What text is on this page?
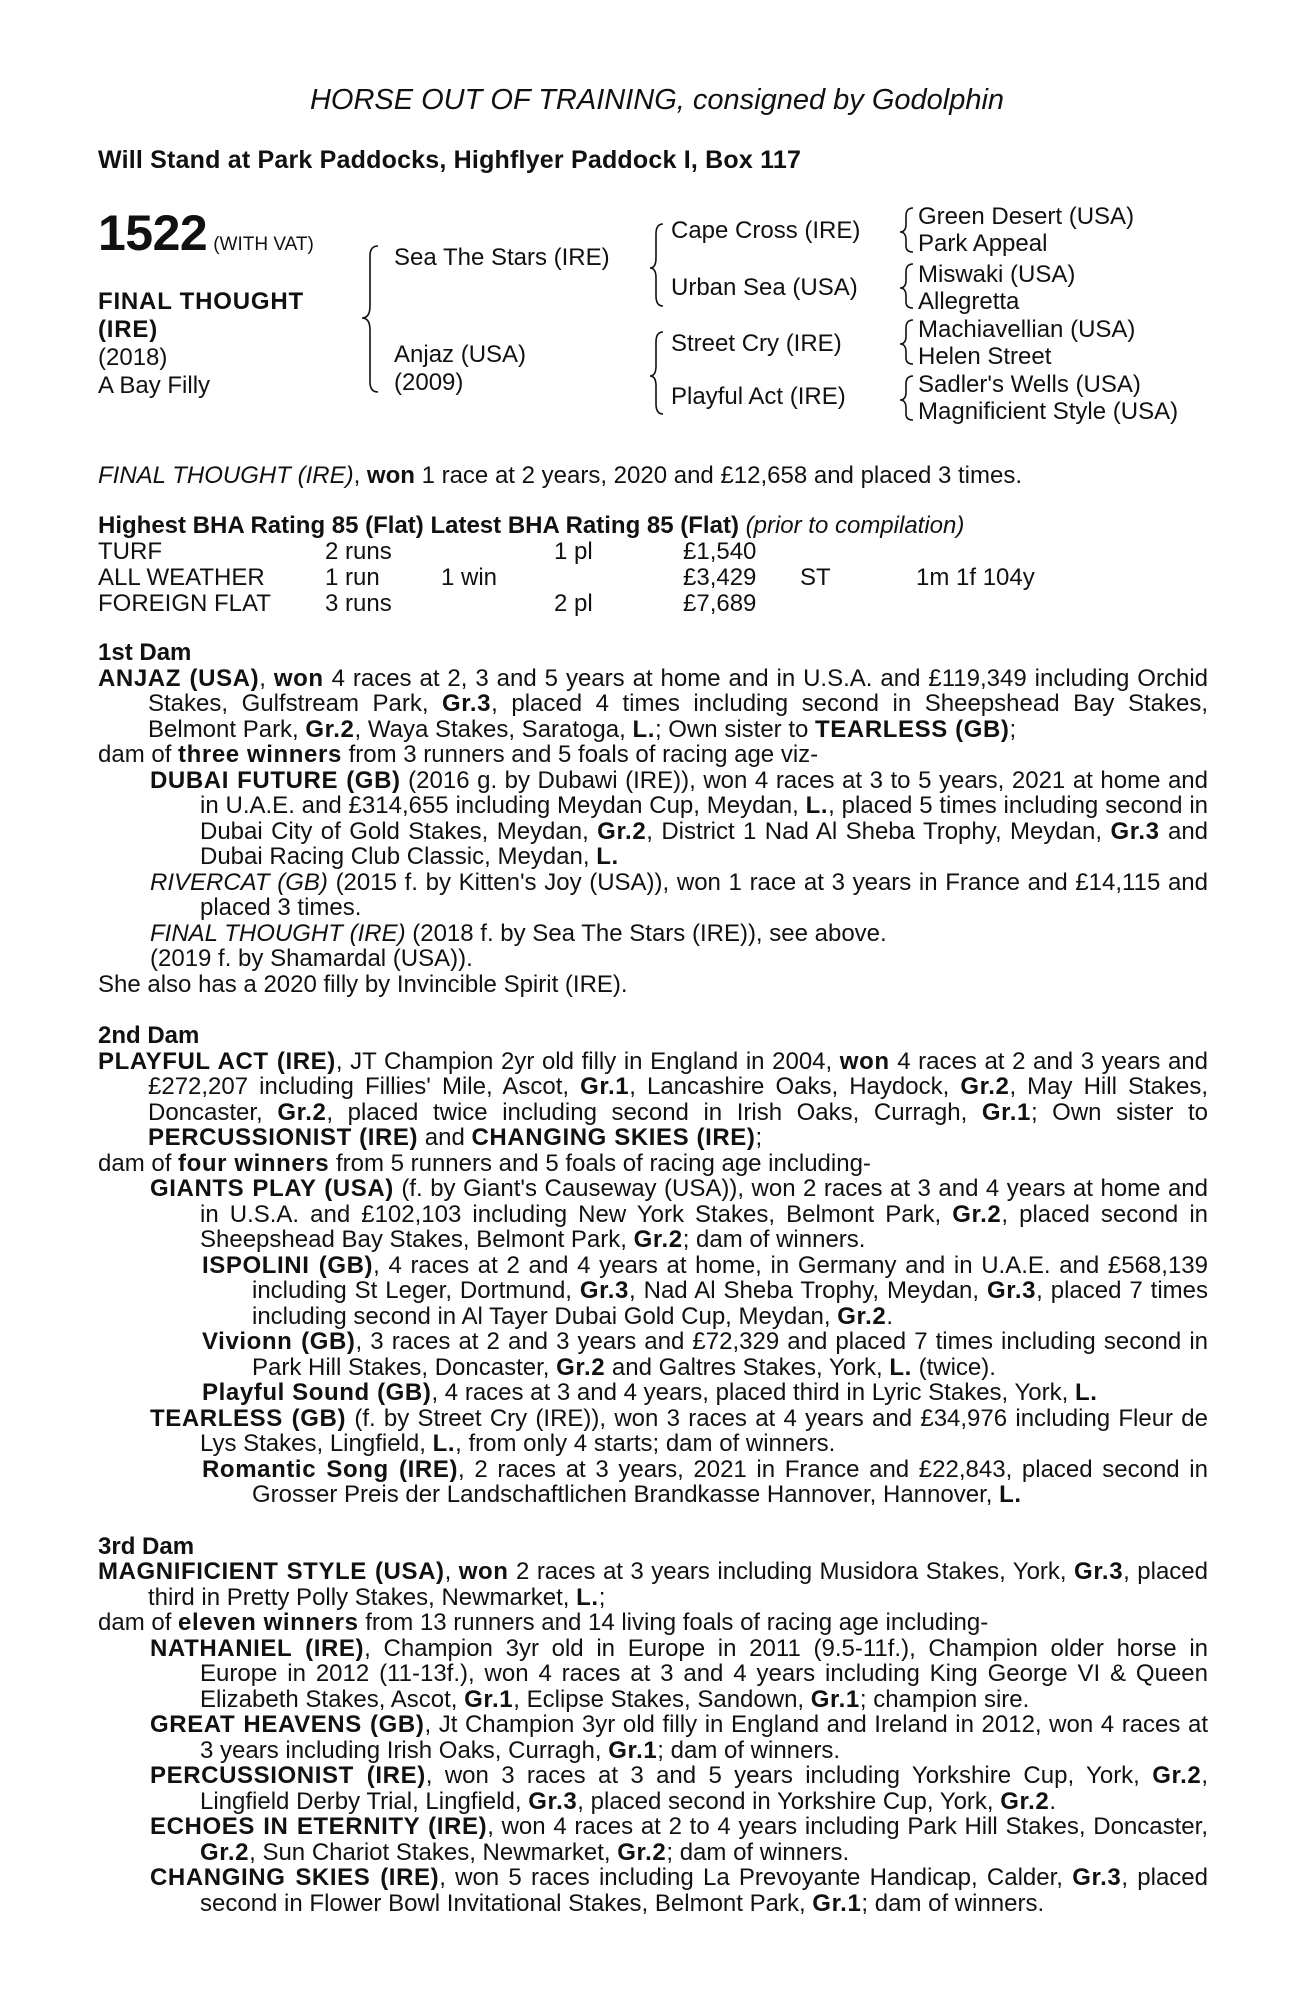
HORSE OUT OF TRAINING, consigned by Godolphin
Will Stand at Park Paddocks, Highflyer Paddock I, Box 117
1522 (WITH VAT)
FINAL THOUGHT (IRE)
(2018)
A Bay Filly
Sea The Stars (IRE)
Anjaz (USA)
(2009)
Cape Cross (IRE)
Urban Sea (USA)
Street Cry (IRE)
Playful Act (IRE)
Green Desert (USA)
Park Appeal
Miswaki (USA)
Allegretta
Machiavellian (USA)
Helen Street
Sadler's Wells (USA)
Magnificient Style (USA)
FINAL THOUGHT (IRE), won 1 race at 2 years, 2020 and £12,658 and placed 3 times.
Highest BHA Rating 85 (Flat) Latest BHA Rating 85 (Flat) (prior to compilation)
TURF	2 runs	1 pl	£1,540
ALL WEATHER	1 run	1 win	£3,429 ST	1m 1f 104y
FOREIGN FLAT 3 runs	2 pl	£7,689
1st Dam

ANJAZ (USA), won 4 races at 2, 3 and 5 years at home and in U.S.A. and £119,349 including Orchid Stakes, Gulfstream Park, Gr.3, placed 4 times including second in Sheepshead Bay Stakes, Belmont Park, Gr.2, Waya Stakes, Saratoga, L.; Own sister to TEARLESS (GB);

dam of three winners from 3 runners and 5 foals of racing age viz-

DUBAI FUTURE (GB) (2016 g. by Dubawi (IRE)), won 4 races at 3 to 5 years, 2021 at home and in U.A.E. and £314,655 including Meydan Cup, Meydan, L., placed 5 times including second in Dubai City of Gold Stakes, Meydan, Gr.2, District 1 Nad Al Sheba Trophy, Meydan, Gr.3 and Dubai Racing Club Classic, Meydan, L.

RIVERCAT (GB) (2015 f. by Kitten's Joy (USA)), won 1 race at 3 years in France and £14,115 and placed 3 times.

FINAL THOUGHT (IRE) (2018 f. by Sea The Stars (IRE)), see above.

(2019 f. by Shamardal (USA)).

She also has a 2020 filly by Invincible Spirit (IRE).

2nd Dam

PLAYFUL ACT (IRE), JT Champion 2yr old filly in England in 2004, won 4 races at 2 and 3 years and £272,207 including Fillies' Mile, Ascot, Gr.1, Lancashire Oaks, Haydock, Gr.2, May Hill Stakes, Doncaster, Gr.2, placed twice including second in Irish Oaks, Curragh, Gr.1; Own sister to PERCUSSIONIST (IRE) and CHANGING SKIES (IRE);

dam of four winners from 5 runners and 5 foals of racing age including-

GIANTS PLAY (USA) (f. by Giant's Causeway (USA)), won 2 races at 3 and 4 years at home and in U.S.A. and £102,103 including New York Stakes, Belmont Park, Gr.2, placed second in Sheepshead Bay Stakes, Belmont Park, Gr.2; dam of winners.

ISPOLINI (GB), 4 races at 2 and 4 years at home, in Germany and in U.A.E. and £568,139 including St Leger, Dortmund, Gr.3, Nad Al Sheba Trophy, Meydan, Gr.3, placed 7 times including second in Al Tayer Dubai Gold Cup, Meydan, Gr.2.

Vivionn (GB), 3 races at 2 and 3 years and £72,329 and placed 7 times including second in Park Hill Stakes, Doncaster, Gr.2 and Galtres Stakes, York, L. (twice).

Playful Sound (GB), 4 races at 3 and 4 years, placed third in Lyric Stakes, York, L.

TEARLESS (GB) (f. by Street Cry (IRE)), won 3 races at 4 years and £34,976 including Fleur de Lys Stakes, Lingfield, L., from only 4 starts; dam of winners.

Romantic Song (IRE), 2 races at 3 years, 2021 in France and £22,843, placed second in Grosser Preis der Landschaftlichen Brandkasse Hannover, Hannover, L.

3rd Dam

MAGNIFICIENT STYLE (USA), won 2 races at 3 years including Musidora Stakes, York, Gr.3, placed third in Pretty Polly Stakes, Newmarket, L.;

dam of eleven winners from 13 runners and 14 living foals of racing age including-

NATHANIEL (IRE), Champion 3yr old in Europe in 2011 (9.5-11f.), Champion older horse in Europe in 2012 (11-13f.), won 4 races at 3 and 4 years including King George VI & Queen Elizabeth Stakes, Ascot, Gr.1, Eclipse Stakes, Sandown, Gr.1; champion sire.

GREAT HEAVENS (GB), Jt Champion 3yr old filly in England and Ireland in 2012, won 4 races at 3 years including Irish Oaks, Curragh, Gr.1; dam of winners.

PERCUSSIONIST (IRE), won 3 races at 3 and 5 years including Yorkshire Cup, York, Gr.2, Lingfield Derby Trial, Lingfield, Gr.3, placed second in Yorkshire Cup, York, Gr.2.

ECHOES IN ETERNITY (IRE), won 4 races at 2 to 4 years including Park Hill Stakes, Doncaster, Gr.2, Sun Chariot Stakes, Newmarket, Gr.2; dam of winners.

CHANGING SKIES (IRE), won 5 races including La Prevoyante Handicap, Calder, Gr.3, placed second in Flower Bowl Invitational Stakes, Belmont Park, Gr.1; dam of winners.
